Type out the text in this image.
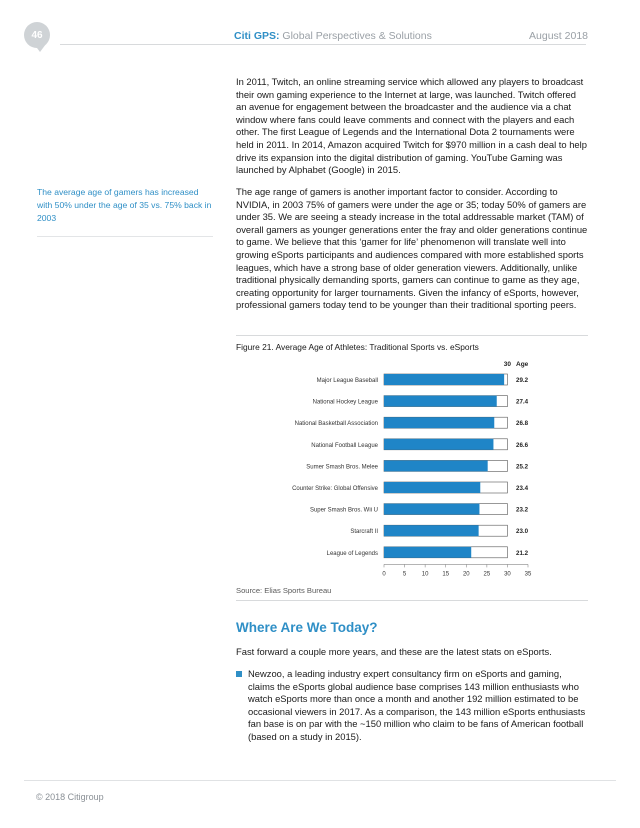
46	Citi GPS: Global Perspectives & Solutions	August 2018

In 2011, Twitch, an online streaming service which allowed any players to broadcast their own gaming experience to the Internet at large, was launched. Twitch offered an avenue for engagement between the broadcaster and the audience via a chat window where fans could leave comments and connect with the players and each other. The first League of Legends and the International Dota 2 tournaments were held in 2011. In 2014, Amazon acquired Twitch for $970 million in a cash deal to help drive its expansion into the digital distribution of gaming. YouTube Gaming was launched by Alphabet (Google) in 2015.

The average age of gamers has increased with 50% under the age of 35 vs. 75% back in 2003

The age range of gamers is another important factor to consider. According to NVIDIA, in 2003 75% of gamers were under the age or 35; today 50% of gamers are under 35. We are seeing a steady increase in the total addressable market (TAM) of overall gamers as younger generations enter the fray and older generations continue to game. We believe that this ‘gamer for life’ phenomenon will translate well into growing eSports participants and audiences compared with more established sports leagues, which have a strong base of older generation viewers. Additionally, unlike traditional physically demanding sports, gamers can continue to game as they age, creating opportunity for larger tournaments. Given the infancy of eSports, however, professional gamers today tend to be younger than their traditional sporting peers.

Figure 21. Average Age of Athletes: Traditional Sports vs. eSports
30 Age
Major League Baseball	29.2
National Hockey League	27.4
National Basketball Association	26.8
National Football League	26.6
Sumer Smash Bros. Melee	25.2
Counter Strike: Global Offensive	23.4
Super Smash Bros. Wii U	23.2
Starcraft II	23.0
League of Legends	21.2
0	5	10 15 20 25 30 35
Source: Elias Sports Bureau
Where Are We Today?

Fast forward a couple more years, and these are the latest stats on eSports.

Newzoo, a leading industry expert consultancy firm on eSports and gaming, claims the eSports global audience base comprises 143 million enthusiasts who watch eSports more than once a month and another 192 million estimated to be occasional viewers in 2017. As a comparison, the 143 million eSports enthusiasts fan base is on par with the ~150 million who claim to be fans of American football (based on a study in 2015).

© 2018 Citigroup
